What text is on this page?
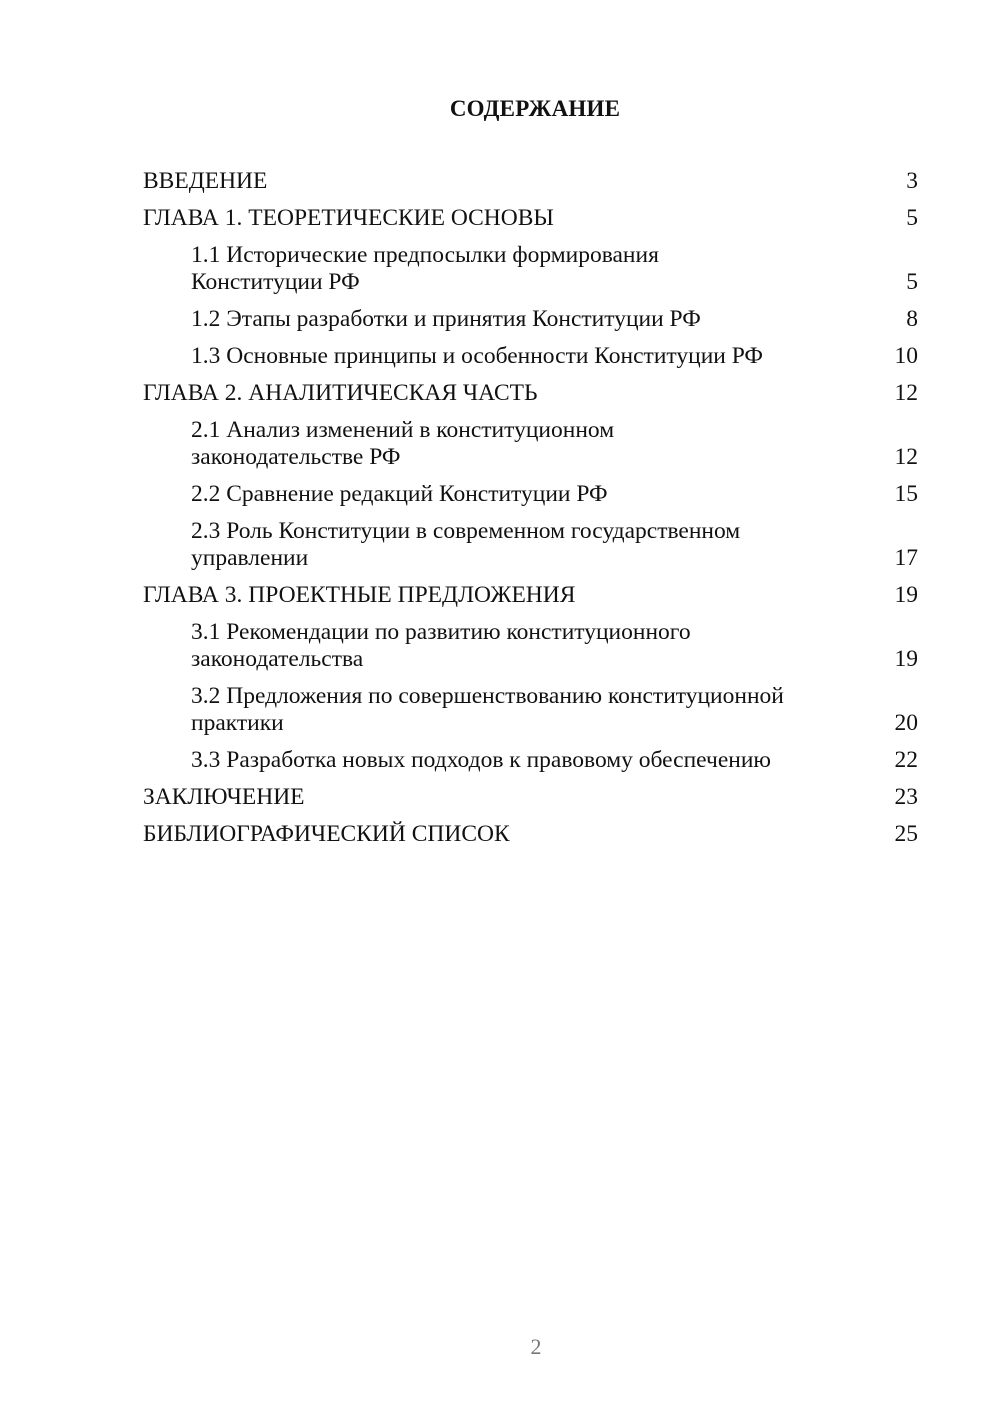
СОДЕРЖАНИЕ
ВВЕДЕНИЕ	3
ГЛАВА 1. ТЕОРЕТИЧЕСКИЕ ОСНОВЫ	5
1.1 Исторические предпосылки формирования Конституции РФ	5
1.2 Этапы разработки и принятия Конституции РФ	8
1.3 Основные принципы и особенности Конституции РФ	10
ГЛАВА 2. АНАЛИТИЧЕСКАЯ ЧАСТЬ	12
2.1 Анализ изменений в конституционном законодательстве РФ	12
2.2 Сравнение редакций Конституции РФ	15
2.3 Роль Конституции в современном государственном управлении	17
ГЛАВА 3. ПРОЕКТНЫЕ ПРЕДЛОЖЕНИЯ	19
3.1 Рекомендации по развитию конституционного законодательства	19
3.2 Предложения по совершенствованию конституционной практики	20
3.3 Разработка новых подходов к правовому обеспечению	22
ЗАКЛЮЧЕНИЕ	23
БИБЛИОГРАФИЧЕСКИЙ СПИСОК	25
2
